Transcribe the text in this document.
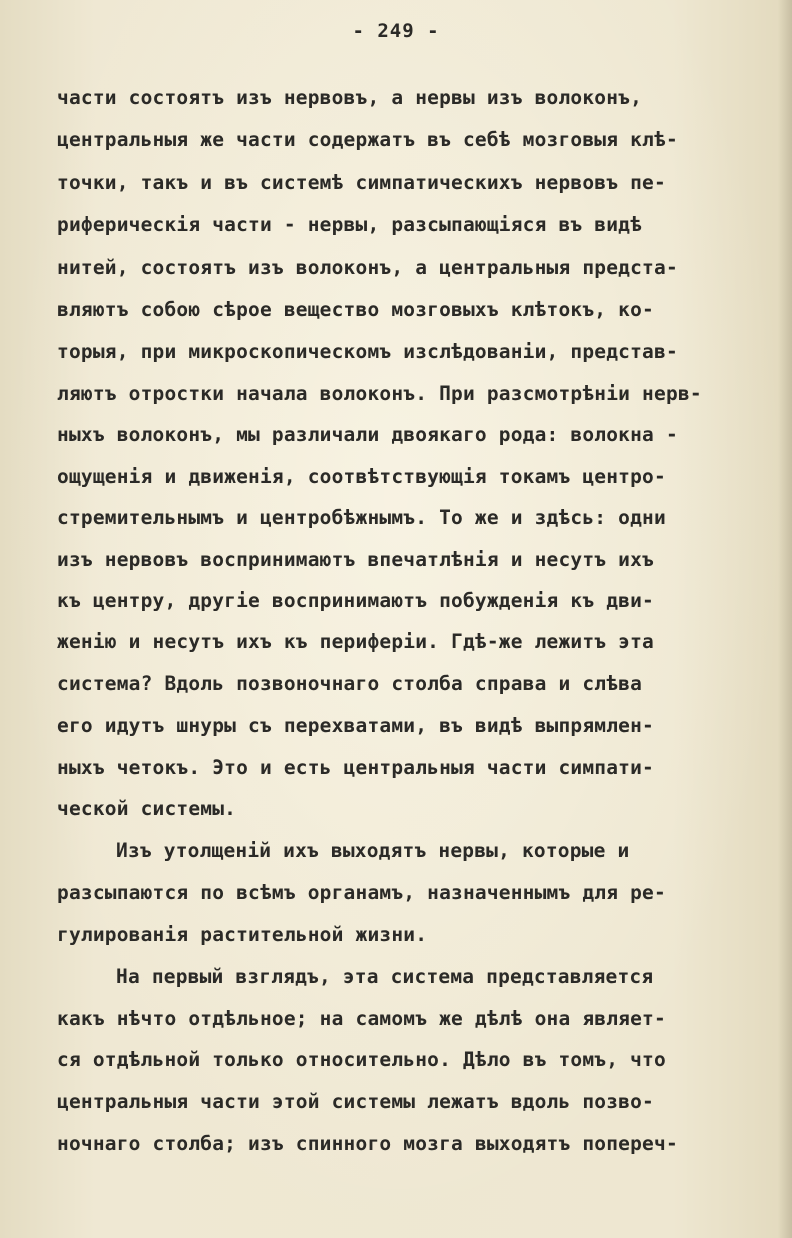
- 249 -
части состоятъ изъ нервовъ, а нервы изъ волоконъ,
центральныя же части содержатъ въ себѣ мозговыя клѣ-
точки, такъ и въ системѣ симпатическихъ нервовъ пе-
риферическія части - нервы, разсыпающіяся въ видѣ
нитей, состоятъ изъ волоконъ, а центральныя предста-
вляютъ собою сѣрое вещество мозговыхъ клѣтокъ, ко-
торыя, при микроскопическомъ изслѣдованіи, представ-
ляютъ отростки начала волоконъ. При разсмотрѣніи нерв-
ныхъ волоконъ, мы различали двоякаго рода: волокна -
ощущенія и движенія, соотвѣтствующія токамъ центро-
стремительнымъ и центробѣжнымъ. То же и здѣсь: одни
изъ нервовъ воспринимаютъ впечатлѣнія и несутъ ихъ
къ центру, другіе воспринимаютъ побужденія къ дви-
женію и несутъ ихъ къ периферіи. Гдѣ-же лежитъ эта
система? Вдоль позвоночнаго столба справа и слѣва
его идутъ шнуры съ перехватами, въ видѣ выпрямлен-
ныхъ четокъ. Это и есть центральныя части симпати-
ческой системы.
Изъ утолщеній ихъ выходятъ нервы, которые и
разсыпаются по всѣмъ органамъ, назначеннымъ для ре-
гулированія растительной жизни.
На первый взглядъ, эта система представляется
какъ нѣчто отдѣльное; на самомъ же дѣлѣ она являет-
ся отдѣльной только относительно. Дѣло въ томъ, что
центральныя части этой системы лежатъ вдоль позво-
ночнаго столба; изъ спинного мозга выходятъ попереч-
